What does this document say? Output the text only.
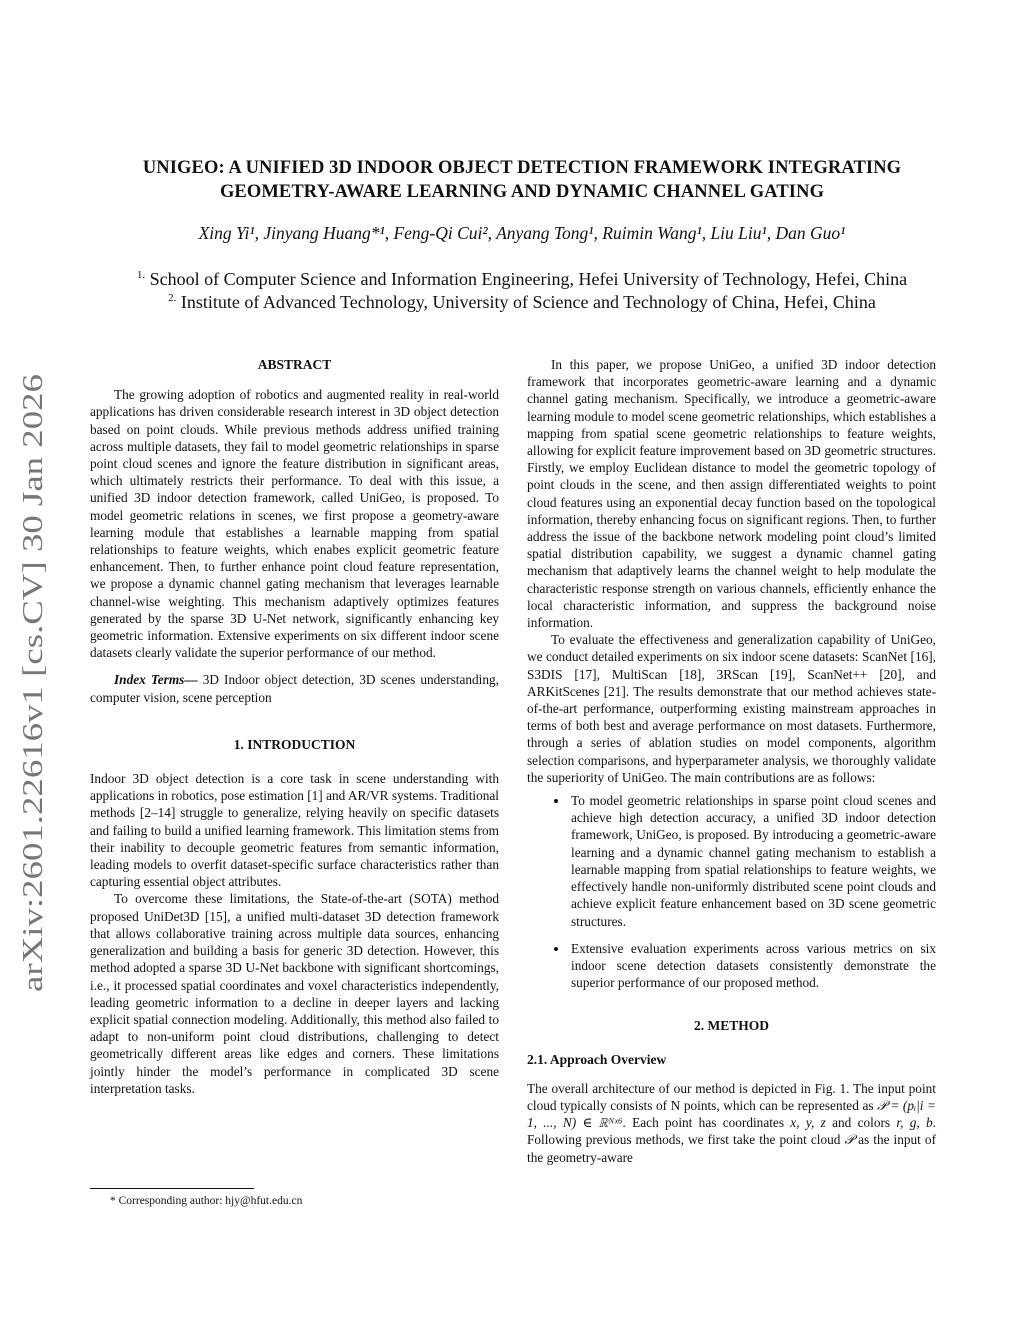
arXiv:2601.22616v1 [cs.CV] 30 Jan 2026
UNIGEO: A UNIFIED 3D INDOOR OBJECT DETECTION FRAMEWORK INTEGRATING
GEOMETRY-AWARE LEARNING AND DYNAMIC CHANNEL GATING
Xing Yi¹, Jinyang Huang*¹, Feng-Qi Cui², Anyang Tong¹, Ruimin Wang¹, Liu Liu¹, Dan Guo¹
$^{1.}$ School of Computer Science and Information Engineering, Hefei University of Technology, Hefei, China
$^{2.}$ Institute of Advanced Technology, University of Science and Technology of China, Hefei, China
ABSTRACT

The growing adoption of robotics and augmented reality in real-world applications has driven considerable research interest in 3D object detection based on point clouds. While previous methods address unified training across multiple datasets, they fail to model geometric relationships in sparse point cloud scenes and ignore the feature distribution in significant areas, which ultimately restricts their performance. To deal with this issue, a unified 3D indoor detection framework, called UniGeo, is proposed. To model geometric relations in scenes, we first propose a geometry-aware learning module that establishes a learnable mapping from spatial relationships to feature weights, which enabes explicit geometric feature enhancement. Then, to further enhance point cloud feature representation, we propose a dynamic channel gating mechanism that leverages learnable channel-wise weighting. This mechanism adaptively optimizes features generated by the sparse 3D U-Net network, significantly enhancing key geometric information. Extensive experiments on six different indoor scene datasets clearly validate the superior performance of our method.

Index Terms— 3D Indoor object detection, 3D scenes understanding, computer vision, scene perception

1. INTRODUCTION

Indoor 3D object detection is a core task in scene understanding with applications in robotics, pose estimation [1] and AR/VR systems. Traditional methods [2–14] struggle to generalize, relying heavily on specific datasets and failing to build a unified learning framework. This limitation stems from their inability to decouple geometric features from semantic information, leading models to overfit dataset-specific surface characteristics rather than capturing essential object attributes.

To overcome these limitations, the State-of-the-art (SOTA) method proposed UniDet3D [15], a unified multi-dataset 3D detection framework that allows collaborative training across multiple data sources, enhancing generalization and building a basis for generic 3D detection. However, this method adopted a sparse 3D U-Net backbone with significant shortcomings, i.e., it processed spatial coordinates and voxel characteristics independently, leading geometric information to a decline in deeper layers and lacking explicit spatial connection modeling. Additionally, this method also failed to adapt to non-uniform point cloud distributions, challenging to detect geometrically different areas like edges and corners. These limitations jointly hinder the model’s performance in complicated 3D scene interpretation tasks.

* Corresponding author: hjy@hfut.edu.cn

In this paper, we propose UniGeo, a unified 3D indoor detection framework that incorporates geometric-aware learning and a dynamic channel gating mechanism. Specifically, we introduce a geometric-aware learning module to model scene geometric relationships, which establishes a mapping from spatial scene geometric relationships to feature weights, allowing for explicit feature improvement based on 3D geometric structures. Firstly, we employ Euclidean distance to model the geometric topology of point clouds in the scene, and then assign differentiated weights to point cloud features using an exponential decay function based on the topological information, thereby enhancing focus on significant regions. Then, to further address the issue of the backbone network modeling point cloud’s limited spatial distribution capability, we suggest a dynamic channel gating mechanism that adaptively learns the channel weight to help modulate the characteristic response strength on various channels, efficiently enhance the local characteristic information, and suppress the background noise information.

To evaluate the effectiveness and generalization capability of UniGeo, we conduct detailed experiments on six indoor scene datasets: ScanNet [16], S3DIS [17], MultiScan [18], 3RScan [19], ScanNet++ [20], and ARKitScenes [21]. The results demonstrate that our method achieves state-of-the-art performance, outperforming existing mainstream approaches in terms of both best and average performance on most datasets. Furthermore, through a series of ablation studies on model components, algorithm selection comparisons, and hyperparameter analysis, we thoroughly validate the superiority of UniGeo. The main contributions are as follows:

• To model geometric relationships in sparse point cloud scenes and achieve high detection accuracy, a unified 3D indoor detection framework, UniGeo, is proposed. By introducing a geometric-aware learning and a dynamic channel gating mechanism to establish a learnable mapping from spatial relationships to feature weights, we effectively handle non-uniformly distributed scene point clouds and achieve explicit feature enhancement based on 3D scene geometric structures.
• Extensive evaluation experiments across various metrics on six indoor scene detection datasets consistently demonstrate the superior performance of our proposed method.
2. METHOD
2.1. Approach Overview

The overall architecture of our method is depicted in Fig. 1. The input point cloud typically consists of N points, which can be represented as 𝒫 = (pᵢ|i = 1, ..., N) ∈ ℝᴺˣ⁶. Each point has coordinates x, y, z and colors r, g, b. Following previous methods, we first take the point cloud 𝒫 as the input of the geometry-aware
